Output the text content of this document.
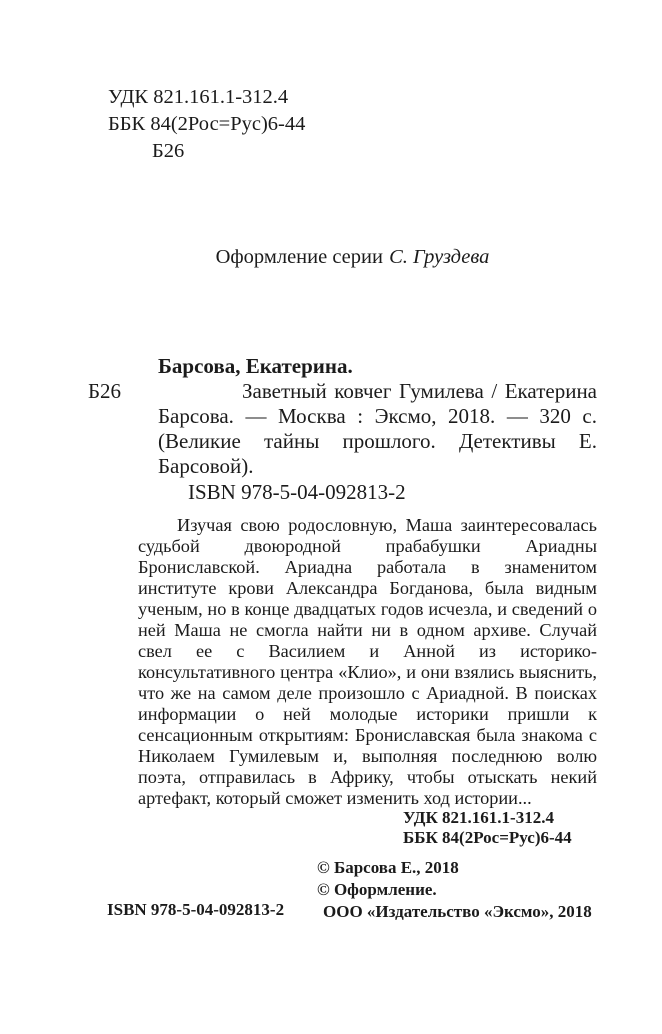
УДК 821.161.1-312.4
ББК 84(2Рос=Рус)6-44
Б26
Оформление серии С. Груздева
Барсова, Екатерина.
Б26	Заветный ковчег Гумилева / Екатерина Барсова. — Москва : Эксмо, 2018. — 320 с. (Великие тайны прошлого. Детективы Е. Барсовой).

ISBN 978-5-04-092813-2

Изучая свою родословную, Маша заинтересовалась судьбой двоюродной прабабушки Ариадны Брониславской. Ариадна работала в знаменитом институте крови Александра Богданова, была видным ученым, но в конце двадцатых годов исчезла, и сведений о ней Маша не смогла найти ни в одном архиве. Случай свел ее с Василием и Анной из историко-консультативного центра «Клио», и они взялись выяснить, что же на самом деле произошло с Ариадной. В поисках информации о ней молодые историки пришли к сенсационным открытиям: Брониславская была знакома с Николаем Гумилевым и, выполняя последнюю волю поэта, отправилась в Африку, чтобы отыскать некий артефакт, который сможет изменить ход истории...

УДК 821.161.1-312.4
ББК 84(2Рос=Рус)6-44
ISBN 978-5-04-092813-2
© Барсова Е., 2018
© Оформление.
ООО «Издательство «Эксмо», 2018
